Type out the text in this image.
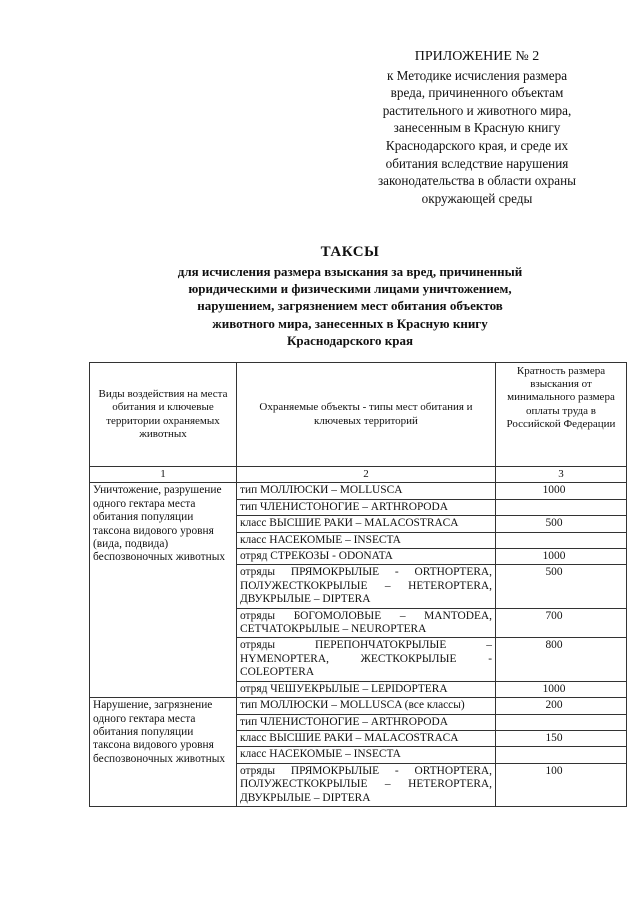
ПРИЛОЖЕНИЕ № 2
к Методике исчисления размера
вреда, причиненного объектам
растительного и животного мира,
занесенным в Красную книгу
Краснодарского края, и среде их
обитания вследствие нарушения
законодательства в области охраны
окружающей среды
ТАКСЫ
для исчисления размера взыскания за вред, причиненный
юридическими и физическими лицами уничтожением,
нарушением, загрязнением мест обитания объектов
животного мира, занесенных в Красную книгу
Краснодарского края
Виды воздействия на места обитания и ключевые территории охраняемых животных	Охраняемые объекты - типы мест обитания и ключевых территорий	Кратность размера взыскания от минимального размера оплаты труда в Российской Федерации
1	2	3
Уничтожение, разрушение одного гектара места обитания популяции таксона видового уровня (вида, подвида) беспозвоночных животных	тип МОЛЛЮСКИ – MOLLUSCA	1000

	тип ЧЛЕНИСТОНОГИЕ – ARTHROPODA	

	класс ВЫСШИЕ РАКИ – MALACOSTRACA	500

	класс НАСЕКОМЫЕ – INSECTA	

	отряд СТРЕКОЗЫ - ODONATA	1000

	отряды ПРЯМОКРЫЛЫЕ - ORTHOPTERA, ПОЛУЖЕСТКОКРЫЛЫЕ – HETEROPTERA, ДВУКРЫЛЫЕ – DIPTERA	500

	отряды БОГОМОЛОВЫЕ – MANTODEA, СЕТЧАТОКРЫЛЫЕ – NEUROPTERA	700

	отряды ПЕРЕПОНЧАТОКРЫЛЫЕ – HYMENOPTERA, ЖЕСТКОКРЫЛЫЕ - COLEOPTERA	800

	отряд ЧЕШУЕКРЫЛЫЕ – LEPIDOPTERA	1000

Нарушение, загрязнение одного гектара места обитания популяции таксона видового уровня беспозвоночных животных	тип МОЛЛЮСКИ – MOLLUSCA (все классы)	200

	тип ЧЛЕНИСТОНОГИЕ – ARTHROPODA	

	класс ВЫСШИЕ РАКИ – MALACOSTRACA	150

	класс НАСЕКОМЫЕ – INSECTA	

	отряды ПРЯМОКРЫЛЫЕ - ORTHOPTERA, ПОЛУЖЕСТКОКРЫЛЫЕ – HETEROPTERA, ДВУКРЫЛЫЕ – DIPTERA	100
